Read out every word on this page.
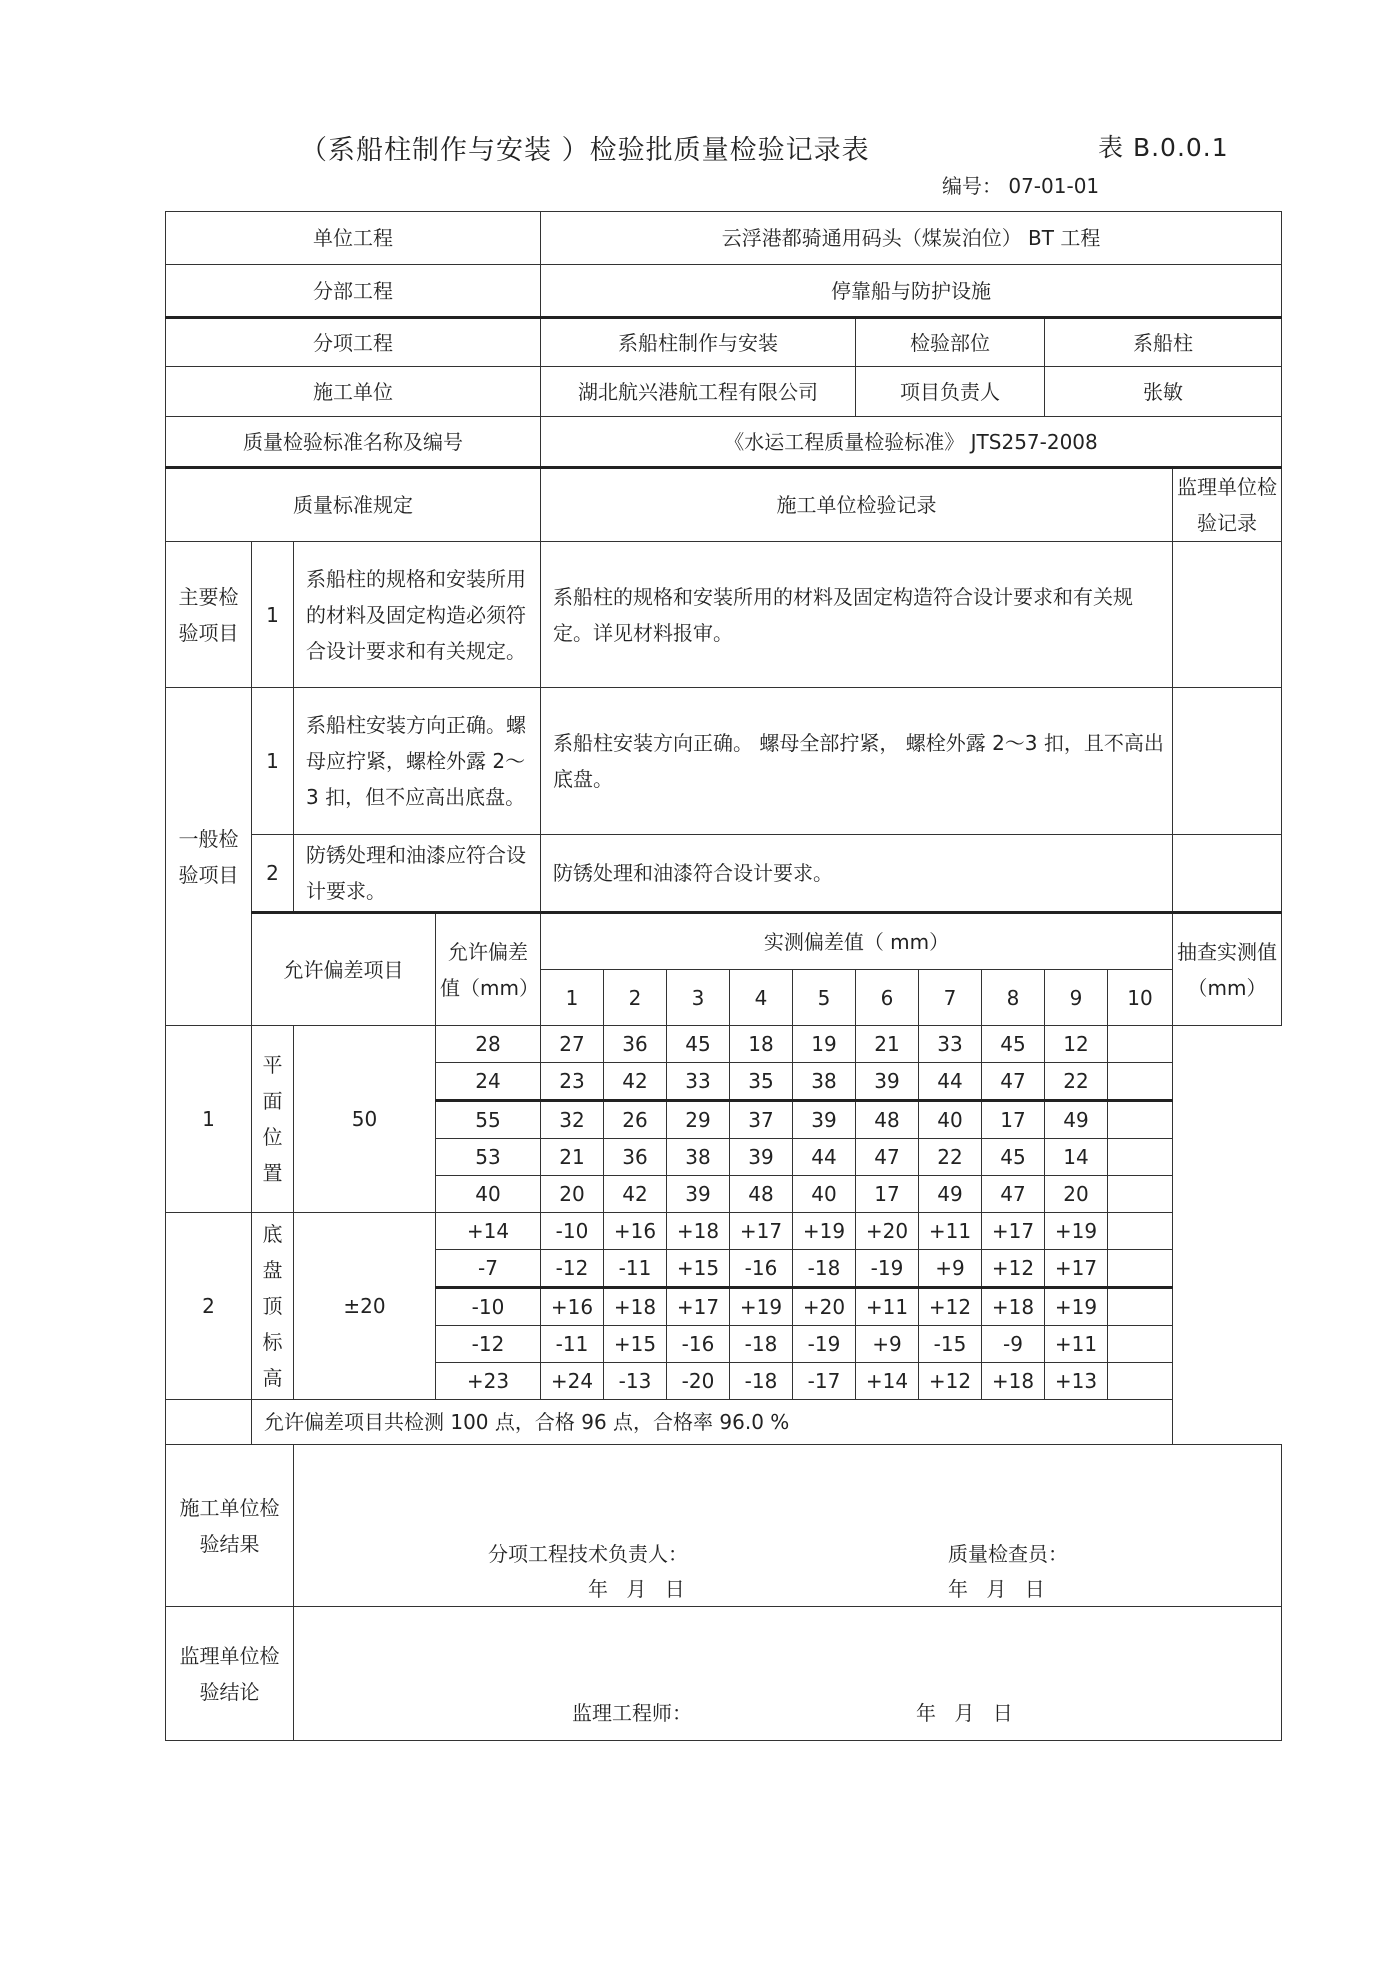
（系船柱制作与安装 ）检验批质量检验记录表	表 B.0.0.1
编号： 07-01-01
单位工程				云浮港都骑通用码头（煤炭泊位） BT 工程										
分部工程				停靠船与防护设施										
分项工程				系船柱制作与安装					检验部位			系船柱		
施工单位				湖北航兴港航工程有限公司					项目负责人			张敏		
质量检验标准名称及编号				《水运工程质量检验标准》 JTS257-2008										
质量标准规定				施工单位检验记录										监理单位检验记录
主要检验项目	1	系船柱的规格和安装所用的材料及固定构造必须符合设计要求和有关规定。		系船柱的规格和安装所用的材料及固定构造符合设计要求和有关规定。详见材料报审。										
一般检验项目	1	系船柱安装方向正确。螺母应拧紧，螺栓外露 2～3 扣，但不应高出底盘。		系船柱安装方向正确。 螺母全部拧紧， 螺栓外露 2～3 扣，且不高出底盘。										
	2	防锈处理和油漆应符合设计要求。		防锈处理和油漆符合设计要求。										
	允许偏差项目		允许偏差值（mm）	实测偏差值（ mm）										抽查实测值（mm）
				1	2	3	4	5	6	7	8	9	10	
1	平 面 位 置	50	28	27	36	45	18	19	21	33	45	12		
			24	23	42	33	35	38	39	44	47	22		
			55	32	26	29	37	39	48	40	17	49		
			53	21	36	38	39	44	47	22	45	14		
			40	20	42	39	48	40	17	49	47	20		
2	底盘顶标高	±20	+14	-10	+16	+18	+17	+19	+20	+11	+17	+19		
			-7	-12	-11	+15	-16	-18	-19	+9	+12	+17		
			-10	+16	+18	+17	+19	+20	+11	+12	+18	+19		
			-12	-11	+15	-16	-18	-19	+9	-15	-9	+11		
			+23	+24	-13	-20	-18	-17	+14	+12	+18	+13		
	允许偏差项目共检测 100 点，合格 96 点，合格率 96.0 %													
施工单位检验结果		分项工程技术负责人： 质量检查员：
年 月 日 年 月 日												

监理单位检验结论		监理工程师： 年 月 日												
